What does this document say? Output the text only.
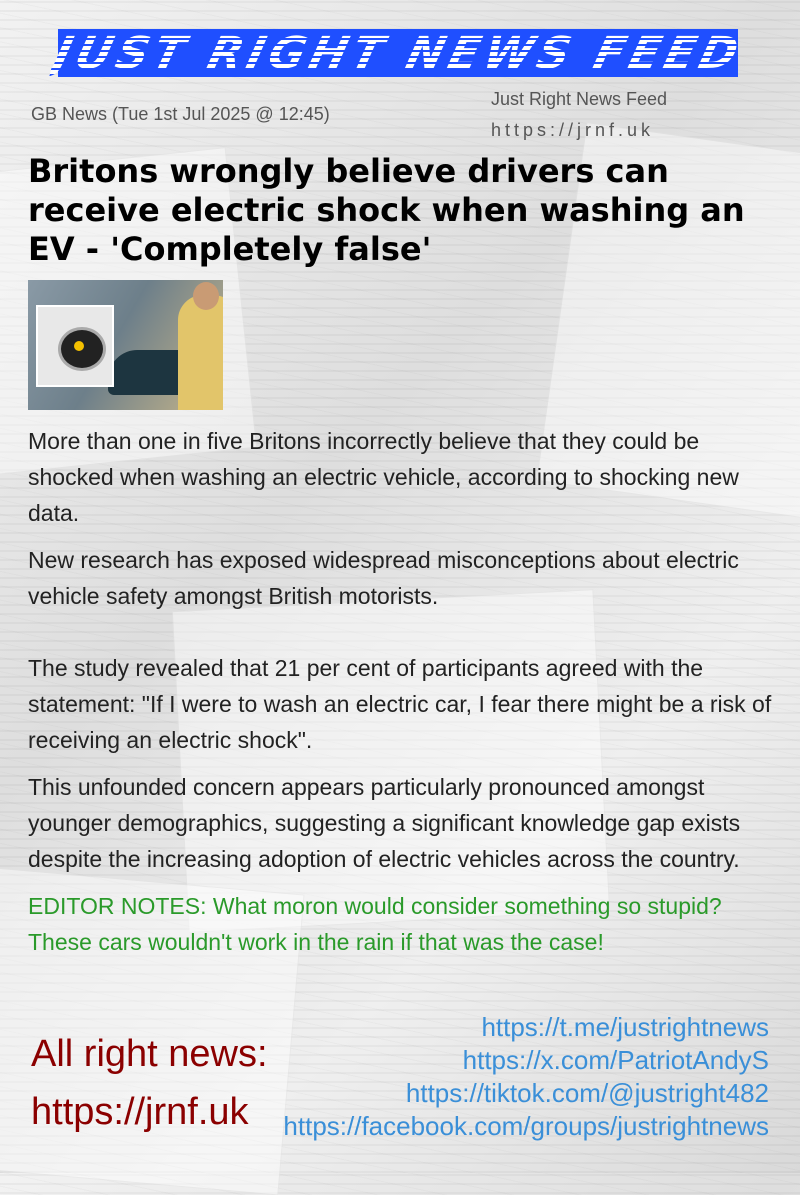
JUST RIGHT NEWS FEED
GB News (Tue 1st Jul 2025 @ 12:45)
Just Right News Feed
https://jrnf.uk
Britons wrongly believe drivers can receive electric shock when washing an EV - 'Completely false'

More than one in five Britons incorrectly believe that they could be shocked when washing an electric vehicle, according to shocking new data.

New research has exposed widespread misconceptions about electric vehicle safety amongst British motorists.

The study revealed that 21 per cent of participants agreed with the statement: "If I were to wash an electric car, I fear there might be a risk of receiving an electric shock".

This unfounded concern appears particularly pronounced amongst younger demographics, suggesting a significant knowledge gap exists despite the increasing adoption of electric vehicles across the country.

EDITOR NOTES: What moron would consider something so stupid? These cars wouldn't work in the rain if that was the case!

All right news:
https://jrnf.uk
https://t.me/justrightnews
https://x.com/PatriotAndyS
https://tiktok.com/@justright482
https://facebook.com/groups/justrightnews
